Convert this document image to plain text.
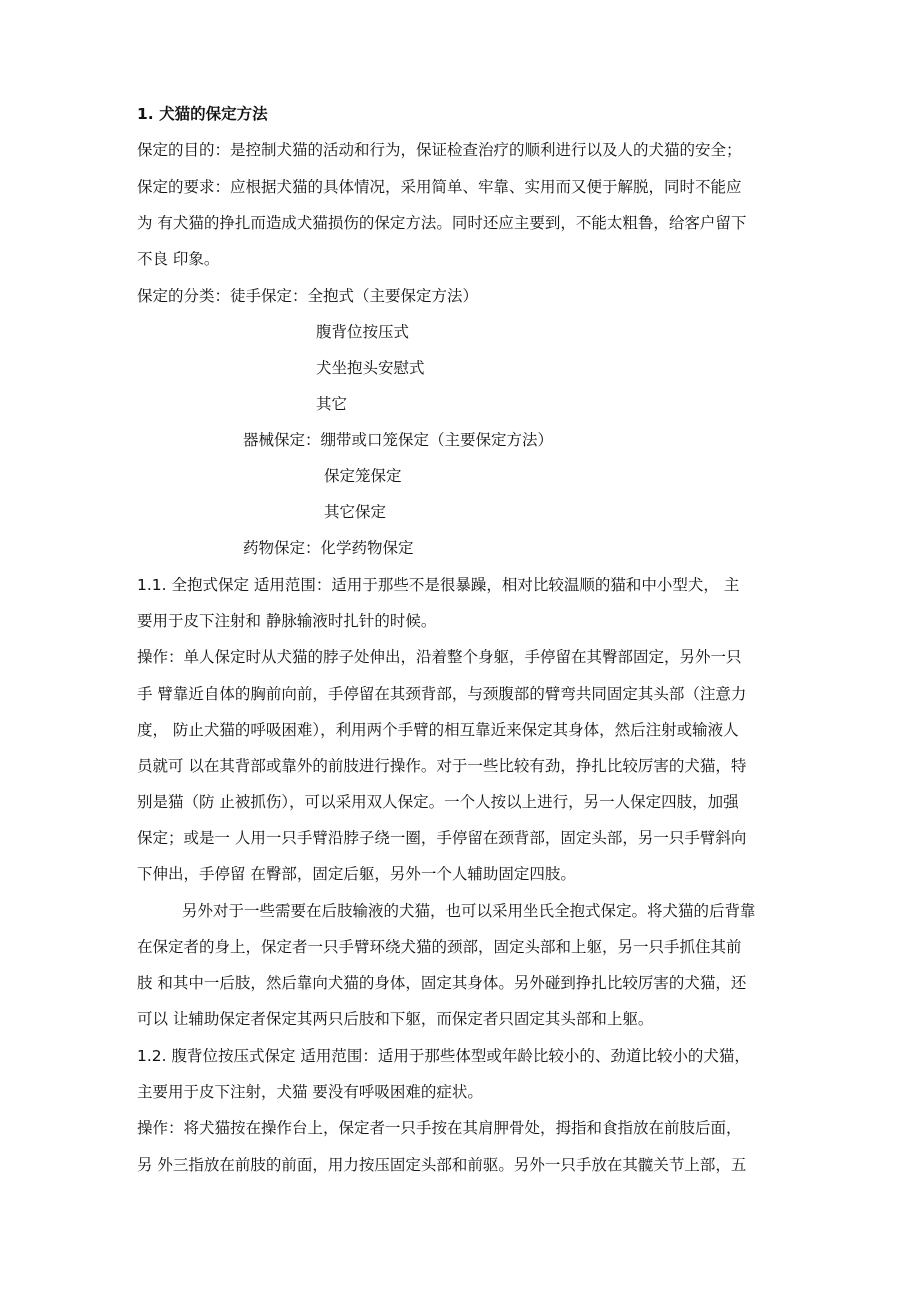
1. 犬猫的保定方法
保定的目的：是控制犬猫的活动和行为，保证检查治疗的顺利进行以及人的犬猫的安全；
保定的要求：应根据犬猫的具体情况，采用简单、牢靠、实用而又便于解脱，同时不能应
为 有犬猫的挣扎而造成犬猫损伤的保定方法。同时还应主要到，不能太粗鲁，给客户留下
不良 印象。
保定的分类：徒手保定：全抱式（主要保定方法）
腹背位按压式
犬坐抱头安慰式
其它
器械保定：绷带或口笼保定（主要保定方法）
保定笼保定
其它保定
药物保定：化学药物保定
1.1. 全抱式保定 适用范围：适用于那些不是很暴躁，相对比较温顺的猫和中小型犬， 主
要用于皮下注射和 静脉输液时扎针的时候。
操作：单人保定时从犬猫的脖子处伸出，沿着整个身躯，手停留在其臀部固定，另外一只
手 臂靠近自体的胸前向前，手停留在其颈背部，与颈腹部的臂弯共同固定其头部（注意力
度， 防止犬猫的呼吸困难），利用两个手臂的相互靠近来保定其身体，然后注射或输液人
员就可 以在其背部或靠外的前肢进行操作。对于一些比较有劲，挣扎比较厉害的犬猫，特
别是猫（防 止被抓伤），可以采用双人保定。一个人按以上进行，另一人保定四肢，加强
保定；或是一 人用一只手臂沿脖子绕一圈，手停留在颈背部，固定头部，另一只手臂斜向
下伸出，手停留 在臀部，固定后躯，另外一个人辅助固定四肢。
另外对于一些需要在后肢输液的犬猫，也可以采用坐氏全抱式保定。将犬猫的后背靠
在保定者的身上，保定者一只手臂环绕犬猫的颈部，固定头部和上躯，另一只手抓住其前
肢 和其中一后肢，然后靠向犬猫的身体，固定其身体。另外碰到挣扎比较厉害的犬猫，还
可以 让辅助保定者保定其两只后肢和下躯，而保定者只固定其头部和上躯。
1.2. 腹背位按压式保定 适用范围：适用于那些体型或年龄比较小的、劲道比较小的犬猫，
主要用于皮下注射，犬猫 要没有呼吸困难的症状。
操作：将犬猫按在操作台上，保定者一只手按在其肩胛骨处，拇指和食指放在前肢后面，
另 外三指放在前肢的前面，用力按压固定头部和前驱。另外一只手放在其髋关节上部，五
